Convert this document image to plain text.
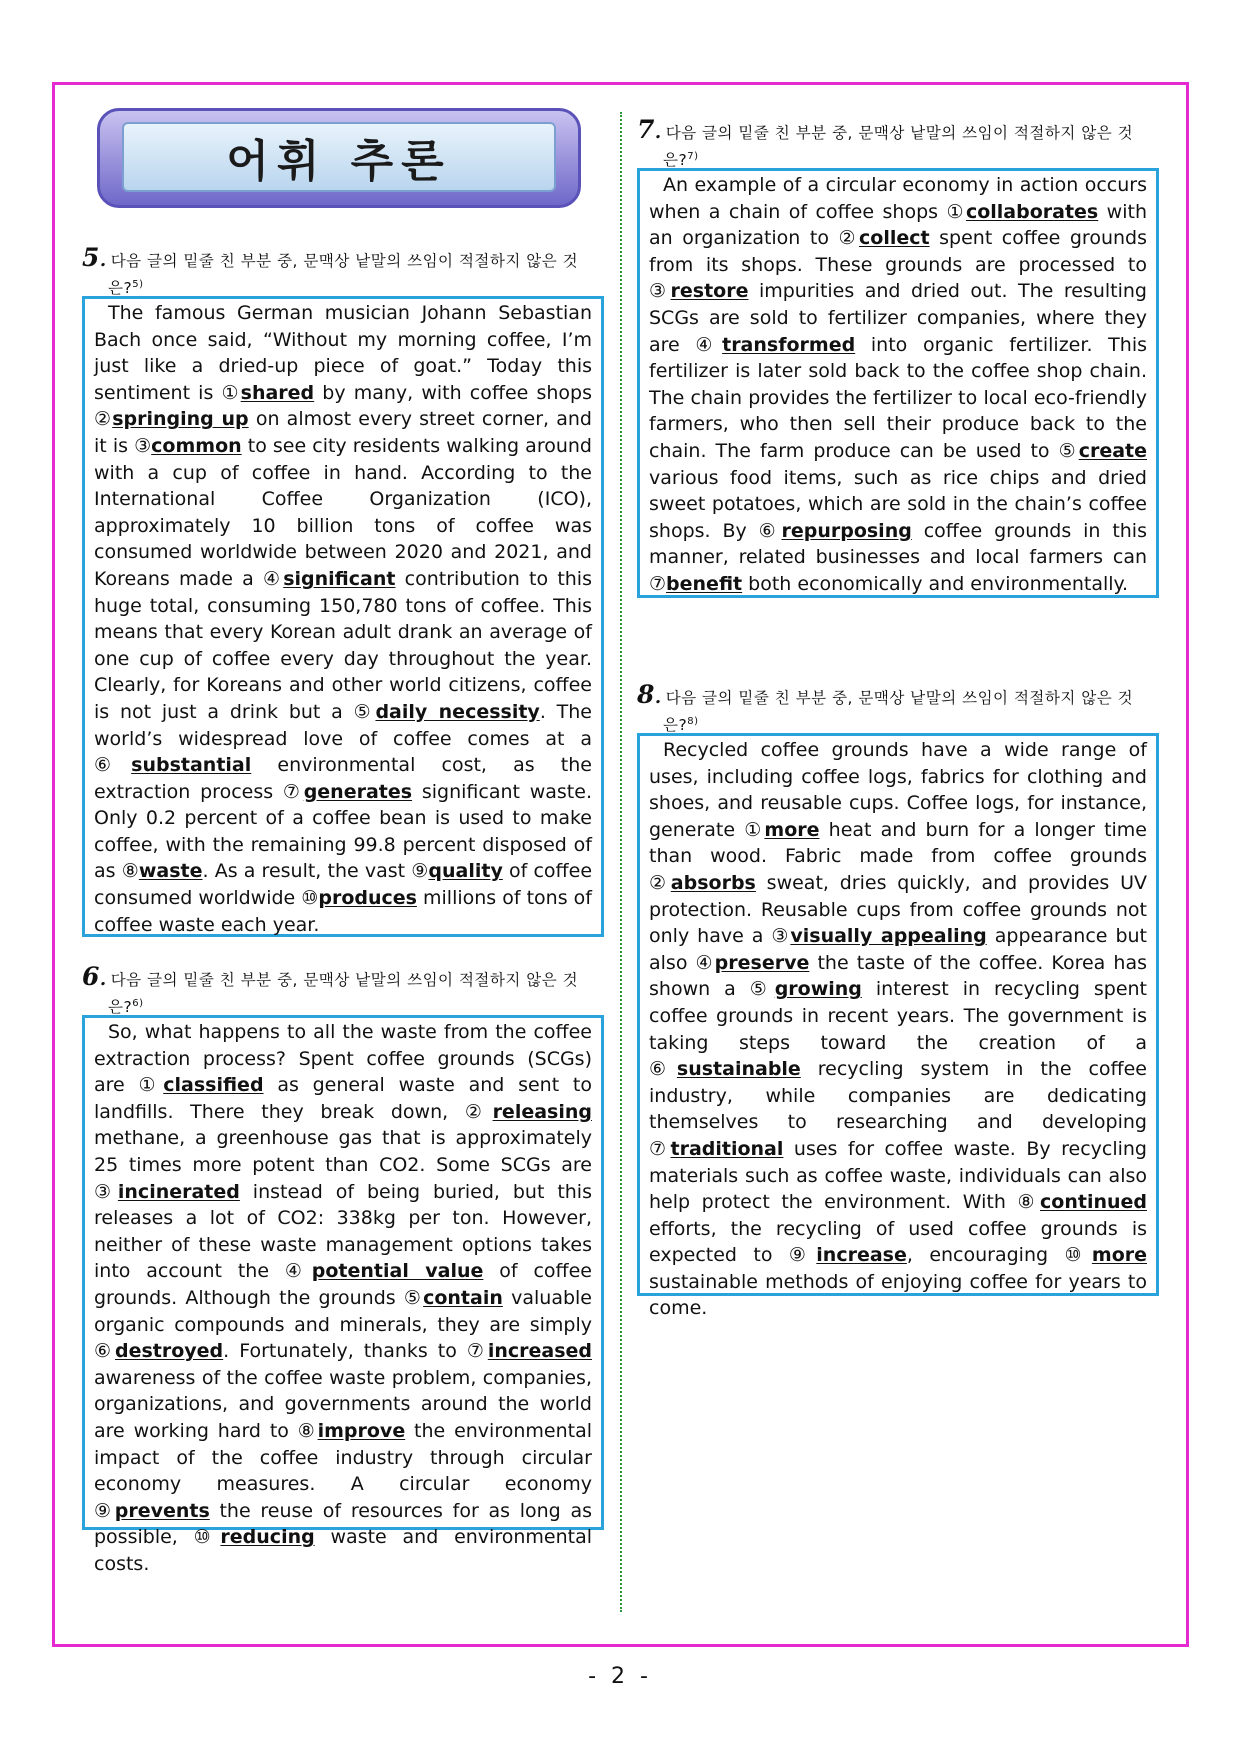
어휘 추론
5. 다음 글의 밑줄 친 부분 중, 문맥상 낱말의 쓰임이 적절하지 않은 것
은?$^{5)}$

The famous German musician Johann Sebastian Bach once said, “Without my morning coffee, I’m just like a dried-up piece of goat.” Today this sentiment is ①shared by many, with coffee shops ②springing up on almost every street corner, and it is ③common to see city residents walking around with a cup of coffee in hand. According to the International Coffee Organization (ICO), approximately 10 billion tons of coffee was consumed worldwide between 2020 and 2021, and Koreans made a ④significant contribution to this huge total, consuming 150,780 tons of coffee. This means that every Korean adult drank an average of one cup of coffee every day throughout the year. Clearly, for Koreans and other world citizens, coffee is not just a drink but a ⑤daily necessity. The world’s widespread love of coffee comes at a ⑥substantial environmental cost, as the extraction process ⑦generates significant waste. Only 0.2 percent of a coffee bean is used to make coffee, with the remaining 99.8 percent disposed of as ⑧waste. As a result, the vast ⑨quality of coffee consumed worldwide ⑩produces millions of tons of coffee waste each year.

6. 다음 글의 밑줄 친 부분 중, 문맥상 낱말의 쓰임이 적절하지 않은 것
은?$^{6)}$

So, what happens to all the waste from the coffee extraction process? Spent coffee grounds (SCGs) are ①classified as general waste and sent to landfills. There they break down, ②releasing methane, a greenhouse gas that is approximately 25 times more potent than CO2. Some SCGs are ③incinerated instead of being buried, but this releases a lot of CO2: 338kg per ton. However, neither of these waste management options takes into account the ④potential value of coffee grounds. Although the grounds ⑤contain valuable organic compounds and minerals, they are simply ⑥destroyed. Fortunately, thanks to ⑦increased awareness of the coffee waste problem, companies, organizations, and governments around the world are working hard to ⑧improve the environmental impact of the coffee industry through circular economy measures. A circular economy ⑨prevents the reuse of resources for as long as possible, ⑩reducing waste and environmental costs.

7. 다음 글의 밑줄 친 부분 중, 문맥상 낱말의 쓰임이 적절하지 않은 것
은?$^{7)}$

An example of a circular economy in action occurs when a chain of coffee shops ①collaborates with an organization to ②collect spent coffee grounds from its shops. These grounds are processed to ③restore impurities and dried out. The resulting SCGs are sold to fertilizer companies, where they are ④transformed into organic fertilizer. This fertilizer is later sold back to the coffee shop chain. The chain provides the fertilizer to local eco-friendly farmers, who then sell their produce back to the chain. The farm produce can be used to ⑤create various food items, such as rice chips and dried sweet potatoes, which are sold in the chain’s coffee shops. By ⑥repurposing coffee grounds in this manner, related businesses and local farmers can ⑦benefit both economically and environmentally.

8. 다음 글의 밑줄 친 부분 중, 문맥상 낱말의 쓰임이 적절하지 않은 것
은?$^{8)}$

Recycled coffee grounds have a wide range of uses, including coffee logs, fabrics for clothing and shoes, and reusable cups. Coffee logs, for instance, generate ①more heat and burn for a longer time than wood. Fabric made from coffee grounds ②absorbs sweat, dries quickly, and provides UV protection. Reusable cups from coffee grounds not only have a ③visually appealing appearance but also ④preserve the taste of the coffee. Korea has shown a ⑤growing interest in recycling spent coffee grounds in recent years. The government is taking steps toward the creation of a ⑥sustainable recycling system in the coffee industry, while companies are dedicating themselves to researching and developing ⑦traditional uses for coffee waste. By recycling materials such as coffee waste, individuals can also help protect the environment. With ⑧continued efforts, the recycling of used coffee grounds is expected to ⑨increase, encouraging ⑩more sustainable methods of enjoying coffee for years to come.

- 2 -
